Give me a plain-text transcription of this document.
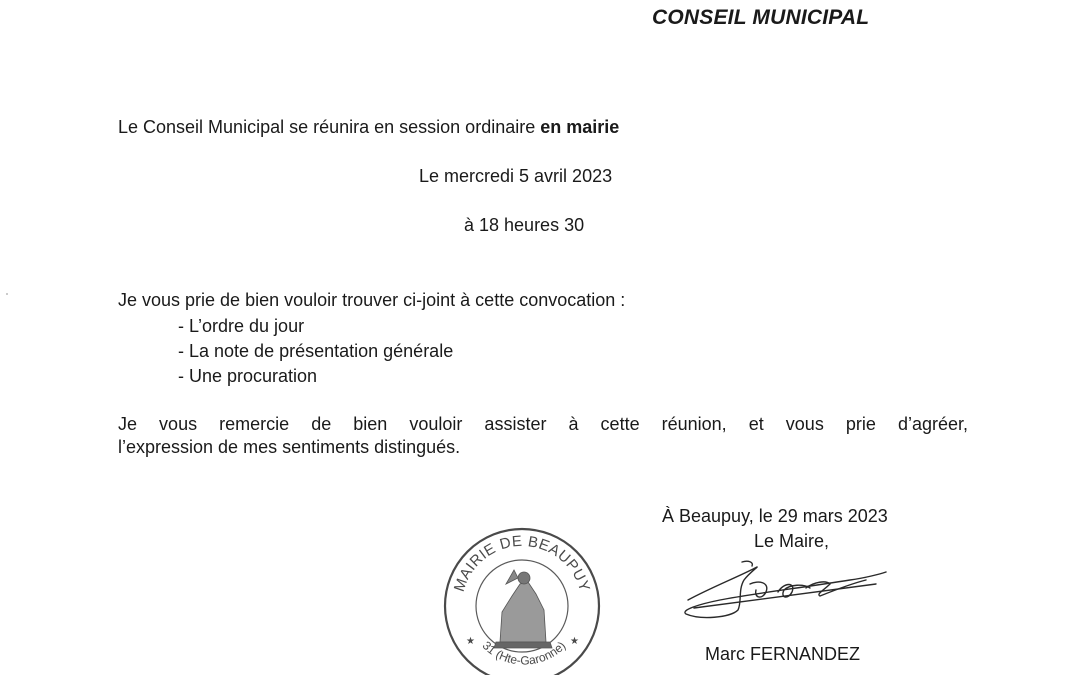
CONSEIL MUNICIPAL
Le Conseil Municipal se réunira en session ordinaire en mairie
Le mercredi 5 avril 2023
à 18 heures 30
Je vous prie de bien vouloir trouver ci-joint à cette convocation :
- L’ordre du jour
- La note de présentation générale
- Une procuration
Je vous remercie de bien vouloir assister à cette réunion, et vous prie d’agréer,
l’expression de mes sentiments distingués.
À Beaupuy, le 29 mars 2023
Le Maire,
MAIRIE DE BEAUPUY
31 (Hte-Garonne)
★	★
Marc FERNANDEZ
